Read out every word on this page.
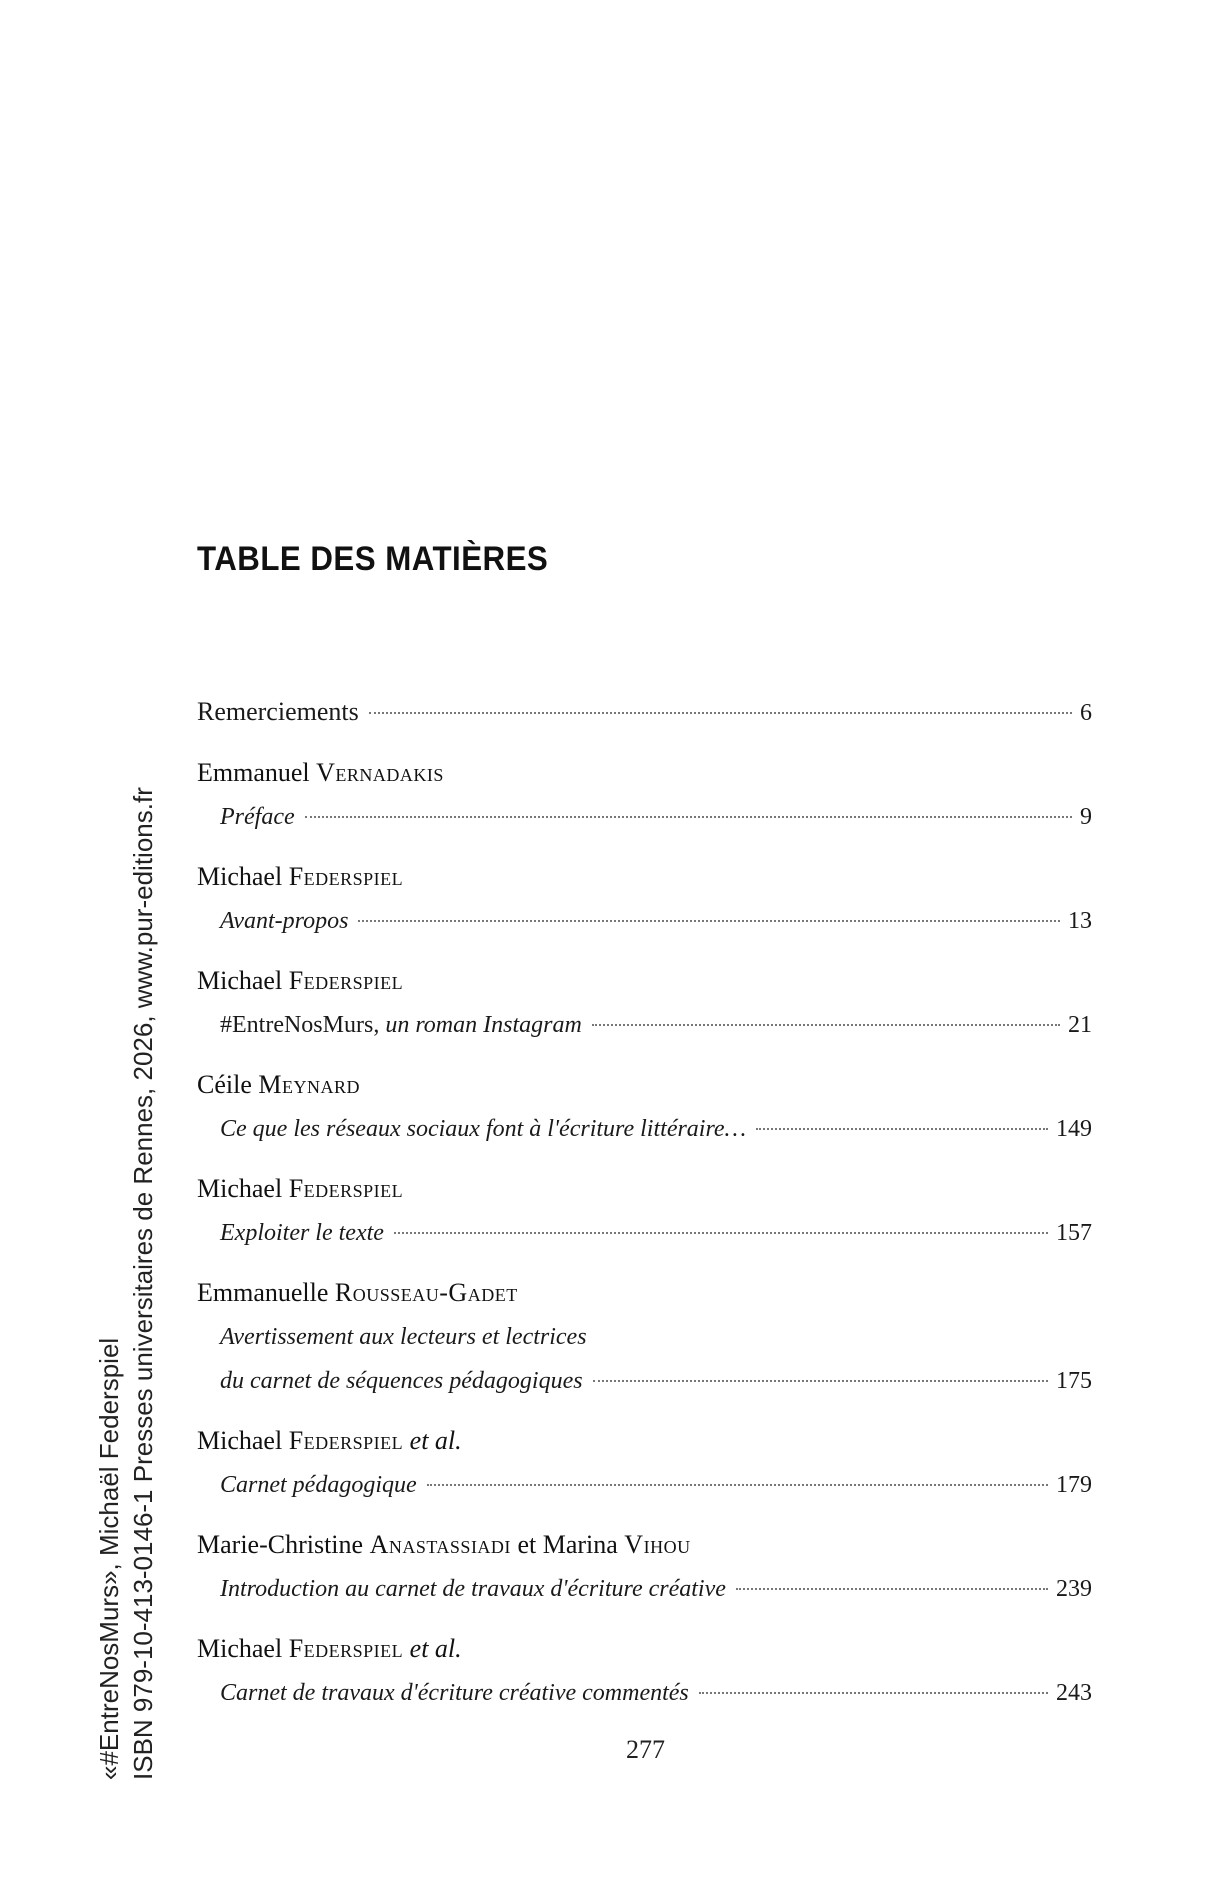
«#EntreNosMurs», Michaël Federspiel ISBN 979-10-413-0146-1 Presses universitaires de Rennes, 2026, www.pur-editions.fr
TABLE DES MATIÈRES
Remerciements	6
Emmanuel Vernadakis
Préface	9
Michael Federspiel
Avant-propos	13
Michael Federspiel
#EntreNosMurs, un roman Instagram	21
Céile Meynard
Ce que les réseaux sociaux font à l'écriture littéraire…	149
Michael Federspiel
Exploiter le texte	157
Emmanuelle Rousseau-Gadet
Avertissement aux lecteurs et lectrices
du carnet de séquences pédagogiques	175
Michael Federspiel et al.
Carnet pédagogique	179
Marie-Christine Anastassiadi et Marina Vihou
Introduction au carnet de travaux d'écriture créative	239
Michael Federspiel et al.
Carnet de travaux d'écriture créative commentés	243
277
